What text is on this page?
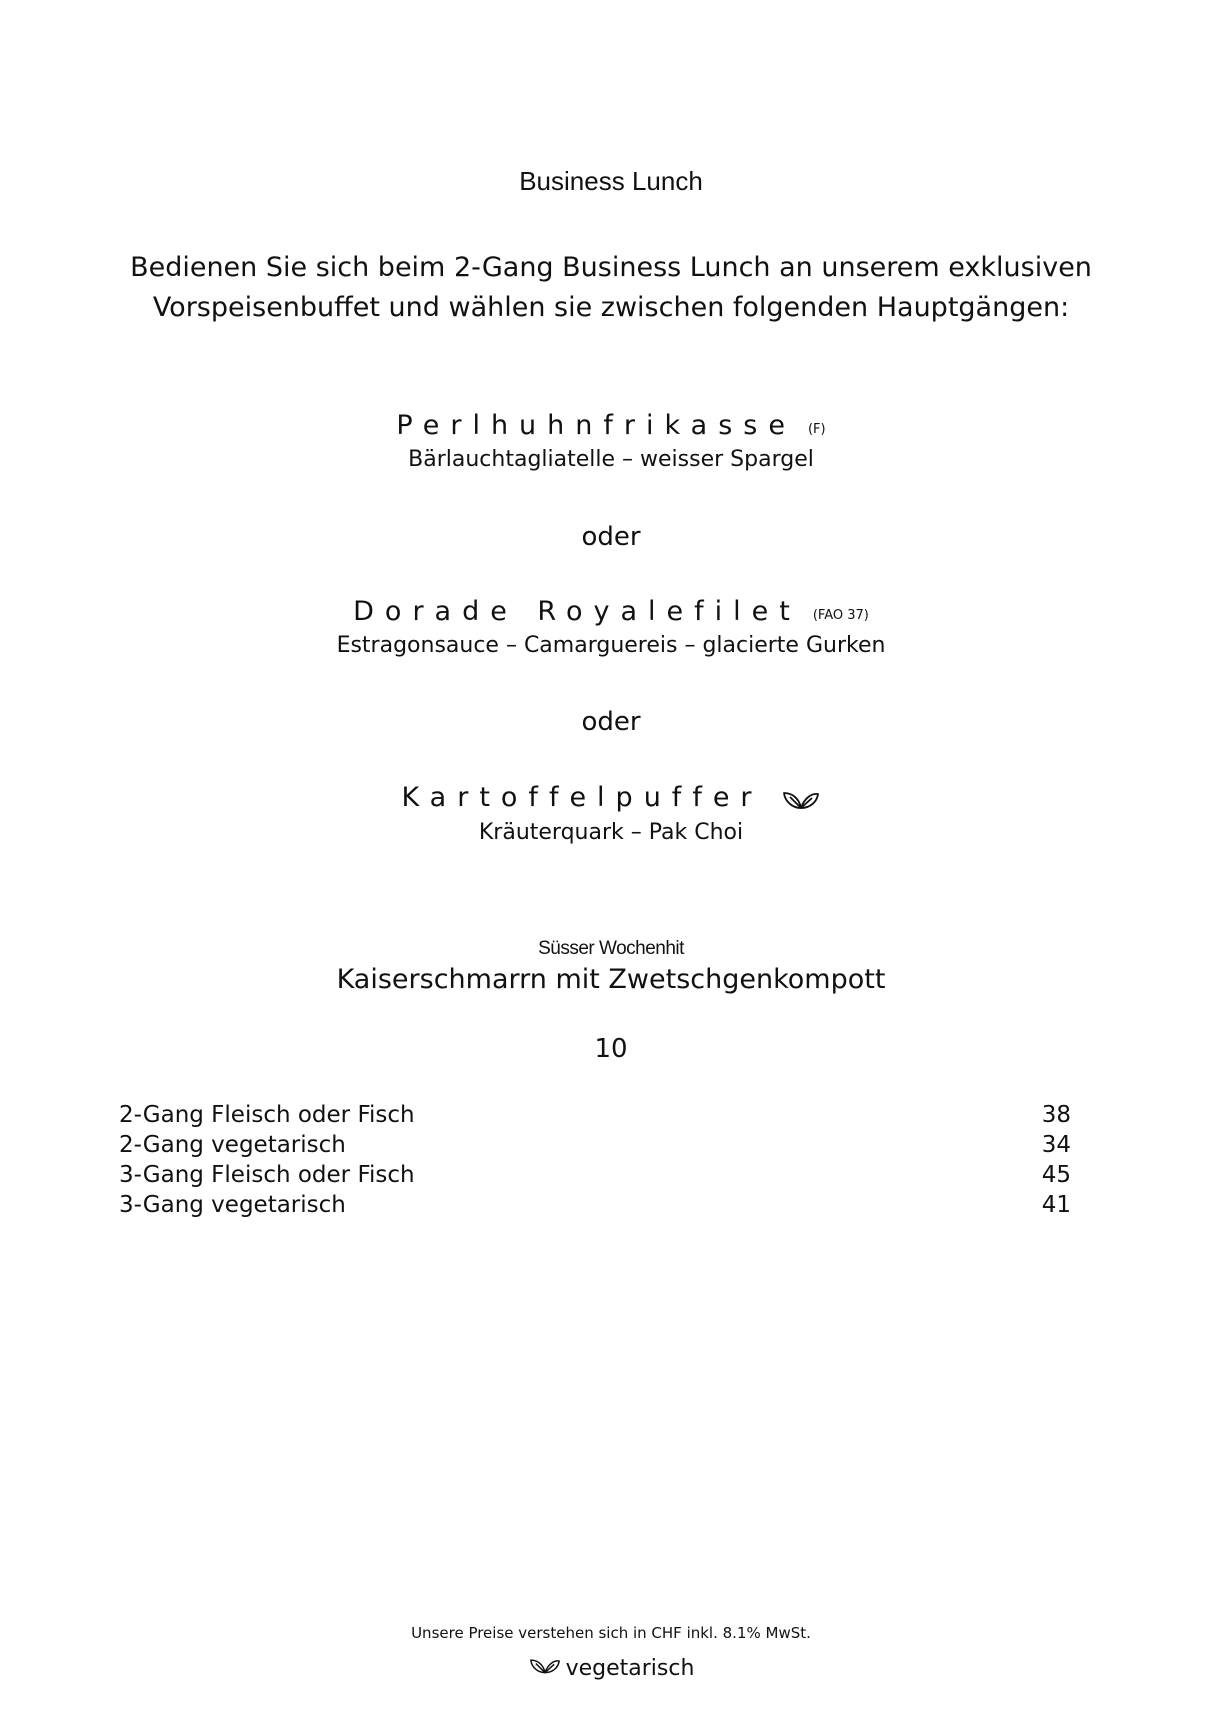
Business Lunch
Bedienen Sie sich beim 2-Gang Business Lunch an unserem exklusiven
Vorspeisenbuffet und wählen sie zwischen folgenden Hauptgängen:
Perlhuhnfrikasse (F)
Bärlauchtagliatelle – weisser Spargel
oder
Dorade Royalefilet (FAO 37)
Estragonsauce – Camarguereis – glacierte Gurken
oder
Kartoffelpuffer
Kräuterquark – Pak Choi
Süsser Wochenhit
Kaiserschmarrn mit Zwetschgenkompott
10
2-Gang Fleisch oder Fisch	38
2-Gang vegetarisch	34
3-Gang Fleisch oder Fisch	45
3-Gang vegetarisch	41
Unsere Preise verstehen sich in CHF inkl. 8.1% MwSt.
vegetarisch
